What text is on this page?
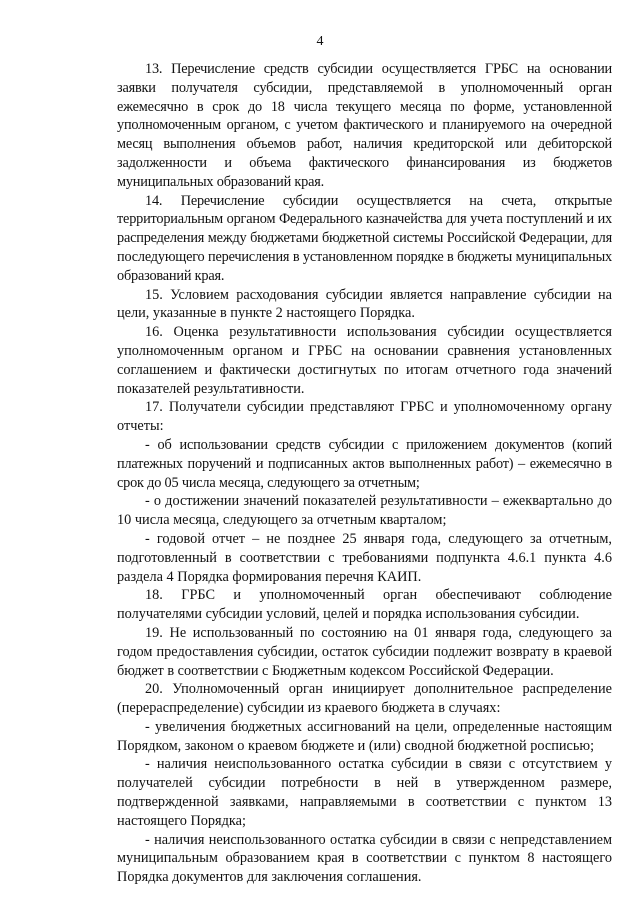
4

13. Перечисление средств субсидии осуществляется ГРБС на основании заявки получателя субсидии, представляемой в уполномоченный орган ежемесячно в срок до 18 числа текущего месяца по форме, установленной уполномоченным органом, с учетом фактического и планируемого на очередной месяц выполнения объемов работ, наличия кредиторской или дебиторской задолженности и объема фактического финансирования из бюджетов муниципальных образований края.

14. Перечисление субсидии осуществляется на счета, открытые территориальным органом Федерального казначейства для учета поступлений и их распределения между бюджетами бюджетной системы Российской Федерации, для последующего перечисления в установленном порядке в бюджеты муниципальных образований края.

15. Условием расходования субсидии является направление субсидии на цели, указанные в пункте 2 настоящего Порядка.

16. Оценка результативности использования субсидии осуществляется уполномоченным органом и ГРБС на основании сравнения установленных соглашением и фактически достигнутых по итогам отчетного года значений показателей результативности.

17. Получатели субсидии представляют ГРБС и уполномоченному органу отчеты:

- об использовании средств субсидии с приложением документов (копий платежных поручений и подписанных актов выполненных работ) – ежемесячно в срок до 05 числа месяца, следующего за отчетным;

- о достижении значений показателей результативности – ежеквартально до 10 числа месяца, следующего за отчетным кварталом;

- годовой отчет – не позднее 25 января года, следующего за отчетным, подготовленный в соответствии с требованиями подпункта 4.6.1 пункта 4.6 раздела 4 Порядка формирования перечня КАИП.

18. ГРБС и уполномоченный орган обеспечивают соблюдение получателями субсидии условий, целей и порядка использования субсидии.

19. Не использованный по состоянию на 01 января года, следующего за годом предоставления субсидии, остаток субсидии подлежит возврату в краевой бюджет в соответствии с Бюджетным кодексом Российской Федерации.

20. Уполномоченный орган инициирует дополнительное распределение (перераспределение) субсидии из краевого бюджета в случаях:

- увеличения бюджетных ассигнований на цели, определенные настоящим Порядком, законом о краевом бюджете и (или) сводной бюджетной росписью;

- наличия неиспользованного остатка субсидии в связи с отсутствием у получателей субсидии потребности в ней в утвержденном размере, подтвержденной заявками, направляемыми в соответствии с пунктом 13 настоящего Порядка;

- наличия неиспользованного остатка субсидии в связи с непредставлением муниципальным образованием края в соответствии с пунктом 8 настоящего Порядка документов для заключения соглашения.
